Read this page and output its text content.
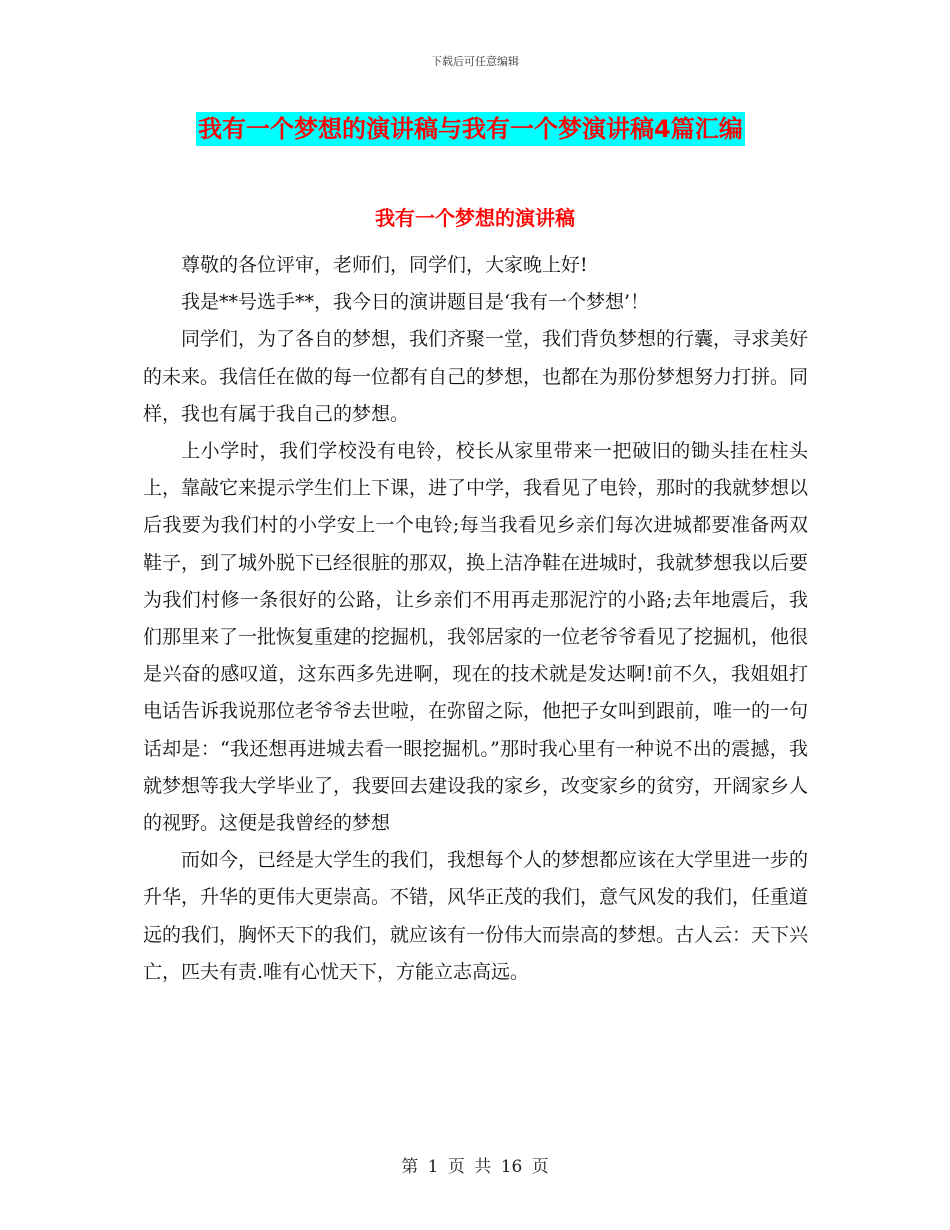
下载后可任意编辑
我有一个梦想的演讲稿与我有一个梦演讲稿4篇汇编
我有一个梦想的演讲稿

尊敬的各位评审，老师们，同学们，大家晚上好!

我是**号选手**，我今日的演讲题目是‘我有一个梦想’！

同学们，为了各自的梦想，我们齐聚一堂，我们背负梦想的行囊，寻求美好的未来。我信任在做的每一位都有自己的梦想，也都在为那份梦想努力打拼。同样，我也有属于我自己的梦想。

上小学时，我们学校没有电铃，校长从家里带来一把破旧的锄头挂在柱头上，靠敲它来提示学生们上下课，进了中学，我看见了电铃，那时的我就梦想以后我要为我们村的小学安上一个电铃;每当我看见乡亲们每次进城都要准备两双鞋子，到了城外脱下已经很脏的那双，换上洁净鞋在进城时，我就梦想我以后要为我们村修一条很好的公路，让乡亲们不用再走那泥泞的小路;去年地震后，我们那里来了一批恢复重建的挖掘机，我邻居家的一位老爷爷看见了挖掘机，他很是兴奋的感叹道，这东西多先进啊，现在的技术就是发达啊!前不久，我姐姐打电话告诉我说那位老爷爷去世啦，在弥留之际，他把子女叫到跟前，唯一的一句话却是：“我还想再进城去看一眼挖掘机。”那时我心里有一种说不出的震撼，我就梦想等我大学毕业了，我要回去建设我的家乡，改变家乡的贫穷，开阔家乡人的视野。这便是我曾经的梦想

而如今，已经是大学生的我们，我想每个人的梦想都应该在大学里进一步的升华，升华的更伟大更崇高。不错，风华正茂的我们，意气风发的我们，任重道远的我们，胸怀天下的我们，就应该有一份伟大而崇高的梦想。古人云：天下兴亡，匹夫有责.唯有心忧天下，方能立志高远。

第 1 页 共 16 页
